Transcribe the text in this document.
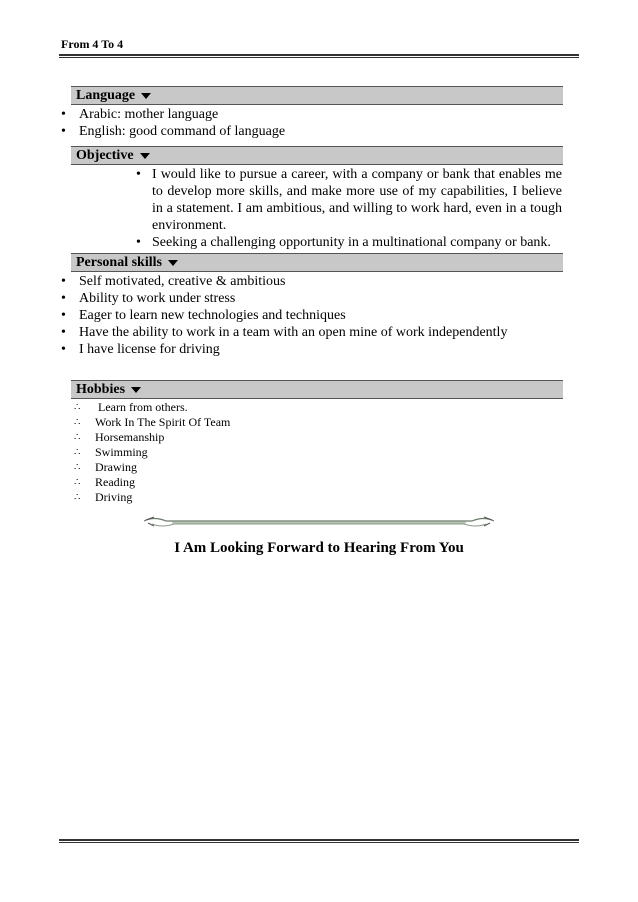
From 4 To 4
Language
• Arabic: mother language
• English: good command of language
Objective
• I would like to pursue a career, with a company or bank that enables me to develop more skills, and make more use of my capabilities, I believe in a statement. I am ambitious, and willing to work hard, even in a tough environment.
• Seeking a challenging opportunity in a multinational company or bank.
Personal skills
• Self motivated, creative & ambitious
• Ability to work under stress
• Eager to learn new technologies and techniques
• Have the ability to work in a team with an open mine of work independently
• I have license for driving
Hobbies
∴ Learn from others.
∴ Work In The Spirit Of Team
∴ Horsemanship
∴ Swimming
∴ Drawing
∴ Reading
∴ Driving
I Am Looking Forward to Hearing From You
